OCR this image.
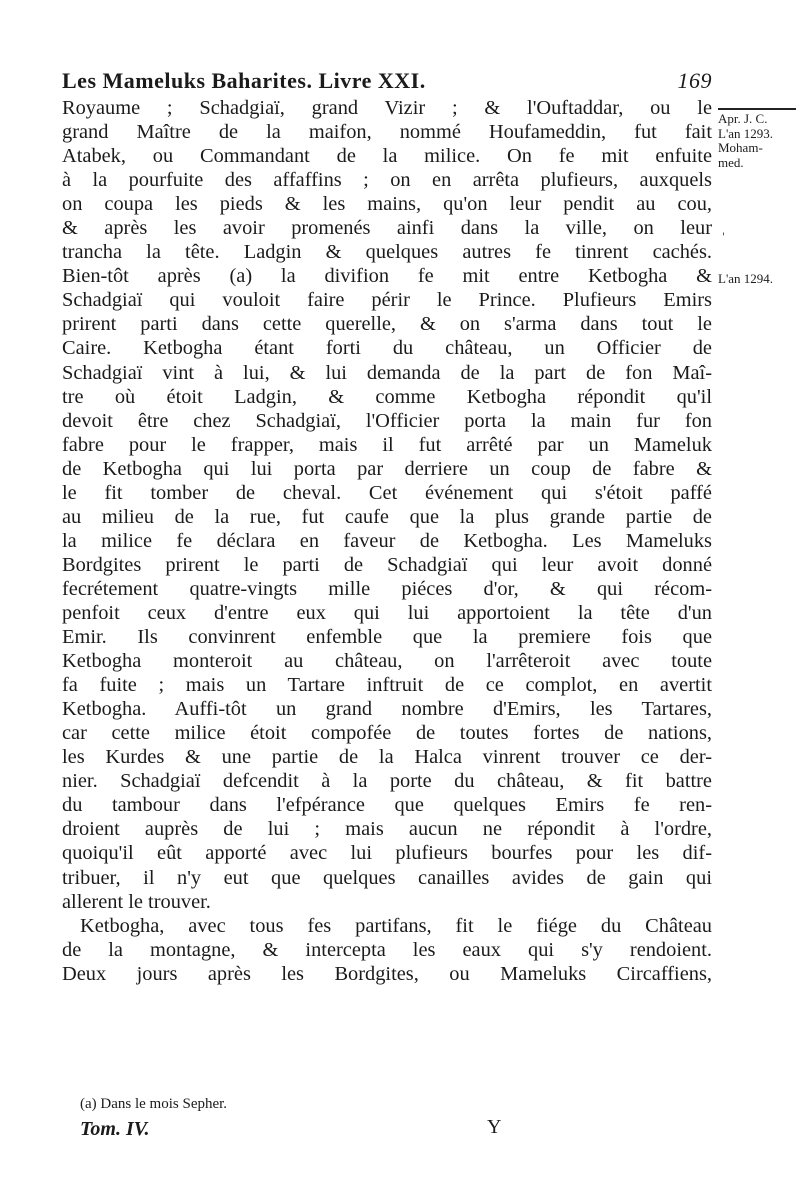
Les Mameluks Baharites. Livre XXI.	169
Royaume ; Schadgiaï, grand Vizir ; & l'Ouftaddar, ou le
grand Maître de la maifon, nommé Houfameddin, fut fait
Atabek, ou Commandant de la milice. On fe mit enfuite
à la pourfuite des affaffins ; on en arrêta plufieurs, auxquels
on coupa les pieds & les mains, qu'on leur pendit au cou,
& après les avoir promenés ainfi dans la ville, on leur
trancha la tête. Ladgin & quelques autres fe tinrent cachés.
Bien-tôt après (a) la divifion fe mit entre Ketbogha &
Schadgiaï qui vouloit faire périr le Prince. Plufieurs Emirs
prirent parti dans cette querelle, & on s'arma dans tout le
Caire. Ketbogha étant forti du château, un Officier de
Schadgiaï vint à lui, & lui demanda de la part de fon Maî-
tre où étoit Ladgin, & comme Ketbogha répondit qu'il
devoit être chez Schadgiaï, l'Officier porta la main fur fon
fabre pour le frapper, mais il fut arrêté par un Mameluk
de Ketbogha qui lui porta par derriere un coup de fabre &
le fit tomber de cheval. Cet événement qui s'étoit paffé
au milieu de la rue, fut caufe que la plus grande partie de
la milice fe déclara en faveur de Ketbogha. Les Mameluks
Bordgites prirent le parti de Schadgiaï qui leur avoit donné
fecrétement quatre-vingts mille piéces d'or, & qui récom-
penfoit ceux d'entre eux qui lui apportoient la tête d'un
Emir. Ils convinrent enfemble que la premiere fois que
Ketbogha monteroit au château, on l'arrêteroit avec toute
fa fuite ; mais un Tartare inftruit de ce complot, en avertit
Ketbogha. Auffi-tôt un grand nombre d'Emirs, les Tartares,
car cette milice étoit compofée de toutes fortes de nations,
les Kurdes & une partie de la Halca vinrent trouver ce der-
nier. Schadgiaï defcendit à la porte du château, & fit battre
du tambour dans l'efpérance que quelques Emirs fe ren-
droient auprès de lui ; mais aucun ne répondit à l'ordre,
quoiqu'il eût apporté avec lui plufieurs bourfes pour les dif-
tribuer, il n'y eut que quelques canailles avides de gain qui
allerent le trouver.
Ketbogha, avec tous fes partifans, fit le fiége du Château
de la montagne, & intercepta les eaux qui s'y rendoient.
Deux jours après les Bordgites, ou Mameluks Circaffiens,
Apr. J. C.
L'an 1293.
Moham-
med.
'
L'an 1294.
(a) Dans le mois Sepher.
Tom. IV.	Y
